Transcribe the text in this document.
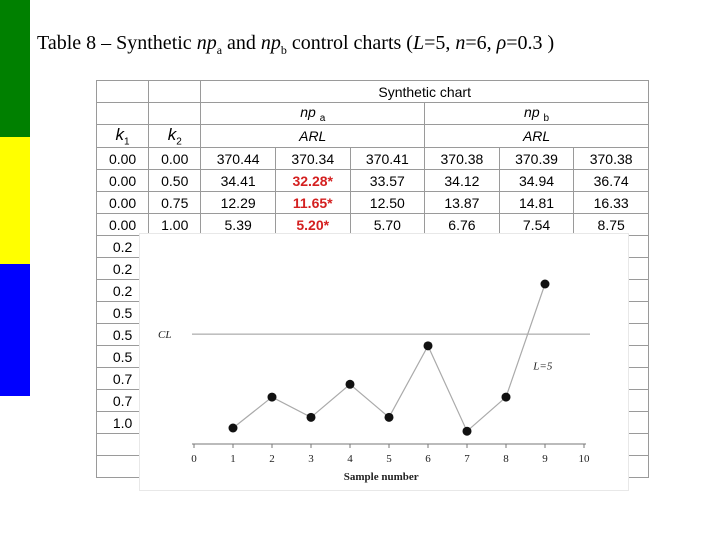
Table 8 – Synthetic $np_a$ and $np_b$ control charts (L=5, n=6, ρ=0.3 )
		Synthetic chart					
		np $_a$			np $_b$
$k_1$	$k_2$	ARL			ARL		
0.00	0.00	370.44	370.34	370.41	370.38	370.39	370.38
0.00	0.50	34.41	32.28*	33.57	34.12	34.94	36.74
0.00	0.75	12.29	11.65*	12.50	13.87	14.81	16.33
0.00	1.00	5.39	5.20*	5.70	6.76	7.54	8.75
0.2							
0.2							
0.2							
0.5							
0.5							
0.5							
0.7							
0.7							
1.0							

0	1	2	3	4	5	6	7	8	9	10
Sample number
CL
L=5
